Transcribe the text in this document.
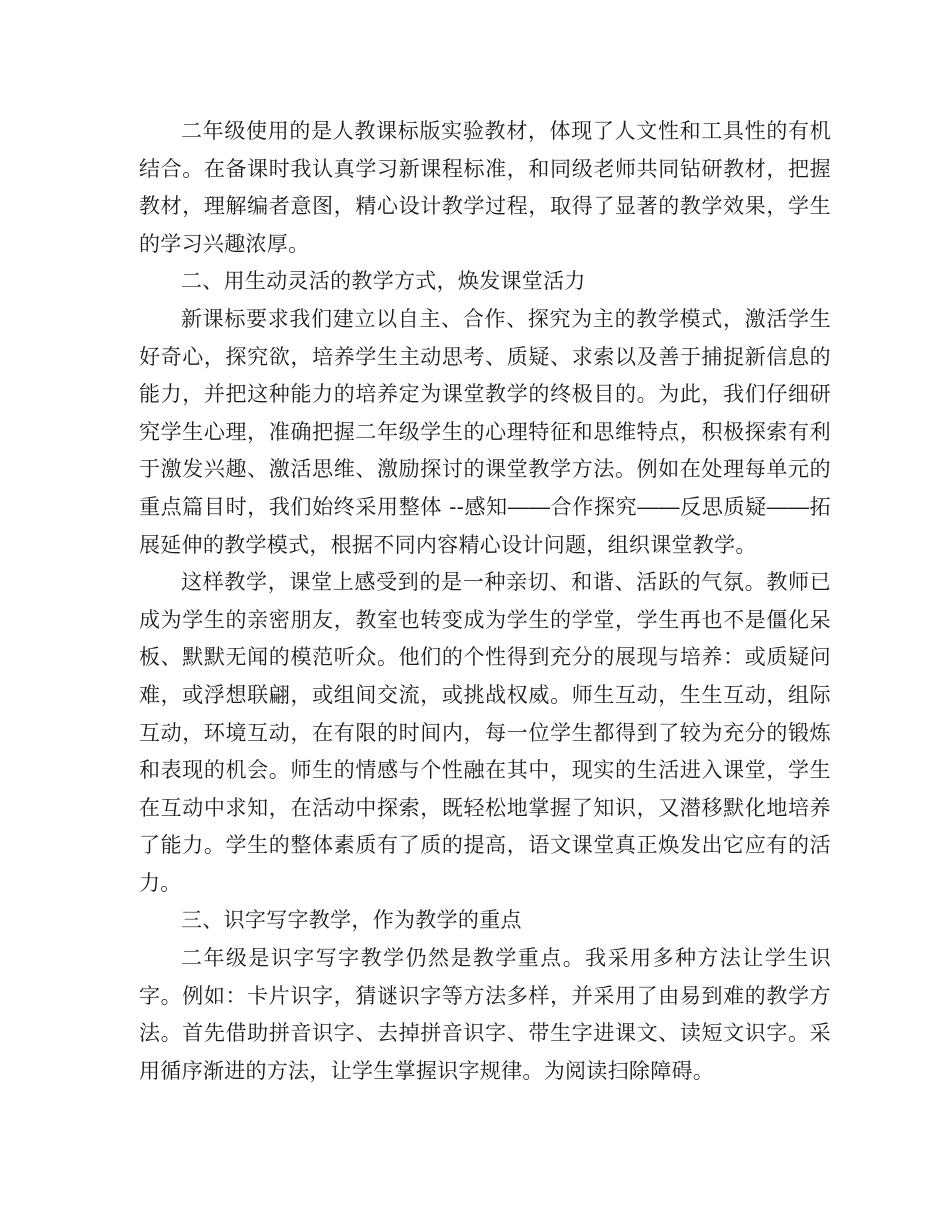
二年级使用的是人教课标版实验教材，体现了人文性和工具性的有机结合。在备课时我认真学习新课程标准，和同级老师共同钻研教材，把握教材，理解编者意图，精心设计教学过程，取得了显著的教学效果，学生的学习兴趣浓厚。

二、用生动灵活的教学方式，焕发课堂活力

新课标要求我们建立以自主、合作、探究为主的教学模式，激活学生好奇心，探究欲，培养学生主动思考、质疑、求索以及善于捕捉新信息的能力，并把这种能力的培养定为课堂教学的终极目的。为此，我们仔细研究学生心理，准确把握二年级学生的心理特征和思维特点，积极探索有利于激发兴趣、激活思维、激励探讨的课堂教学方法。例如在处理每单元的重点篇目时，我们始终采用整体 --感知――合作探究――反思质疑――拓展延伸的教学模式，根据不同内容精心设计问题，组织课堂教学。

这样教学，课堂上感受到的是一种亲切、和谐、活跃的气氛。教师已成为学生的亲密朋友，教室也转变成为学生的学堂，学生再也不是僵化呆板、默默无闻的模范听众。他们的个性得到充分的展现与培养：或质疑问难，或浮想联翩，或组间交流，或挑战权威。师生互动，生生互动，组际互动，环境互动，在有限的时间内，每一位学生都得到了较为充分的锻炼和表现的机会。师生的情感与个性融在其中，现实的生活进入课堂，学生在互动中求知，在活动中探索，既轻松地掌握了知识，又潜移默化地培养了能力。学生的整体素质有了质的提高，语文课堂真正焕发出它应有的活力。

三、识字写字教学，作为教学的重点

二年级是识字写字教学仍然是教学重点。我采用多种方法让学生识字。例如：卡片识字，猜谜识字等方法多样，并采用了由易到难的教学方法。首先借助拼音识字、去掉拼音识字、带生字进课文、读短文识字。采用循序渐进的方法，让学生掌握识字规律。为阅读扫除障碍。
